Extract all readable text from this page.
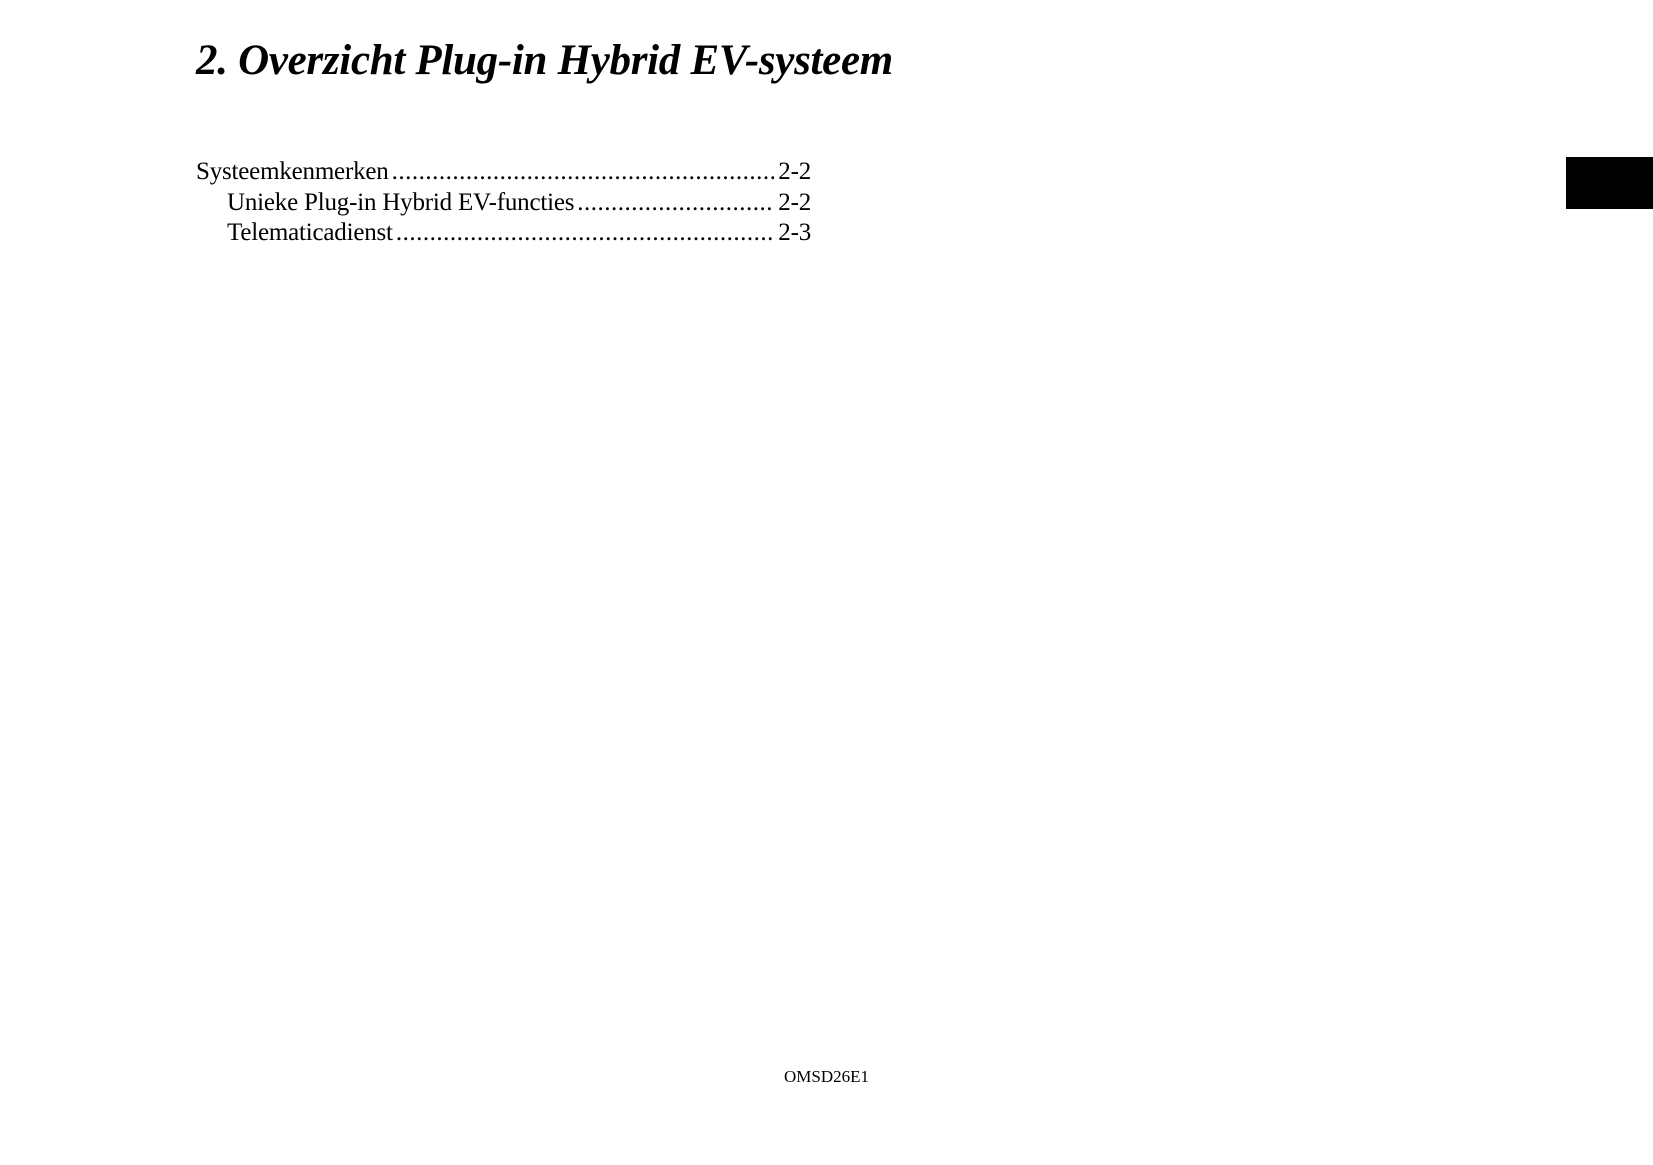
2. Overzicht Plug-in Hybrid EV-systeem
Systeemkenmerken .....	2-2
Unieke Plug-in Hybrid EV-functies .....	2-2
Telematicadienst .....	2-3
OMSD26E1
